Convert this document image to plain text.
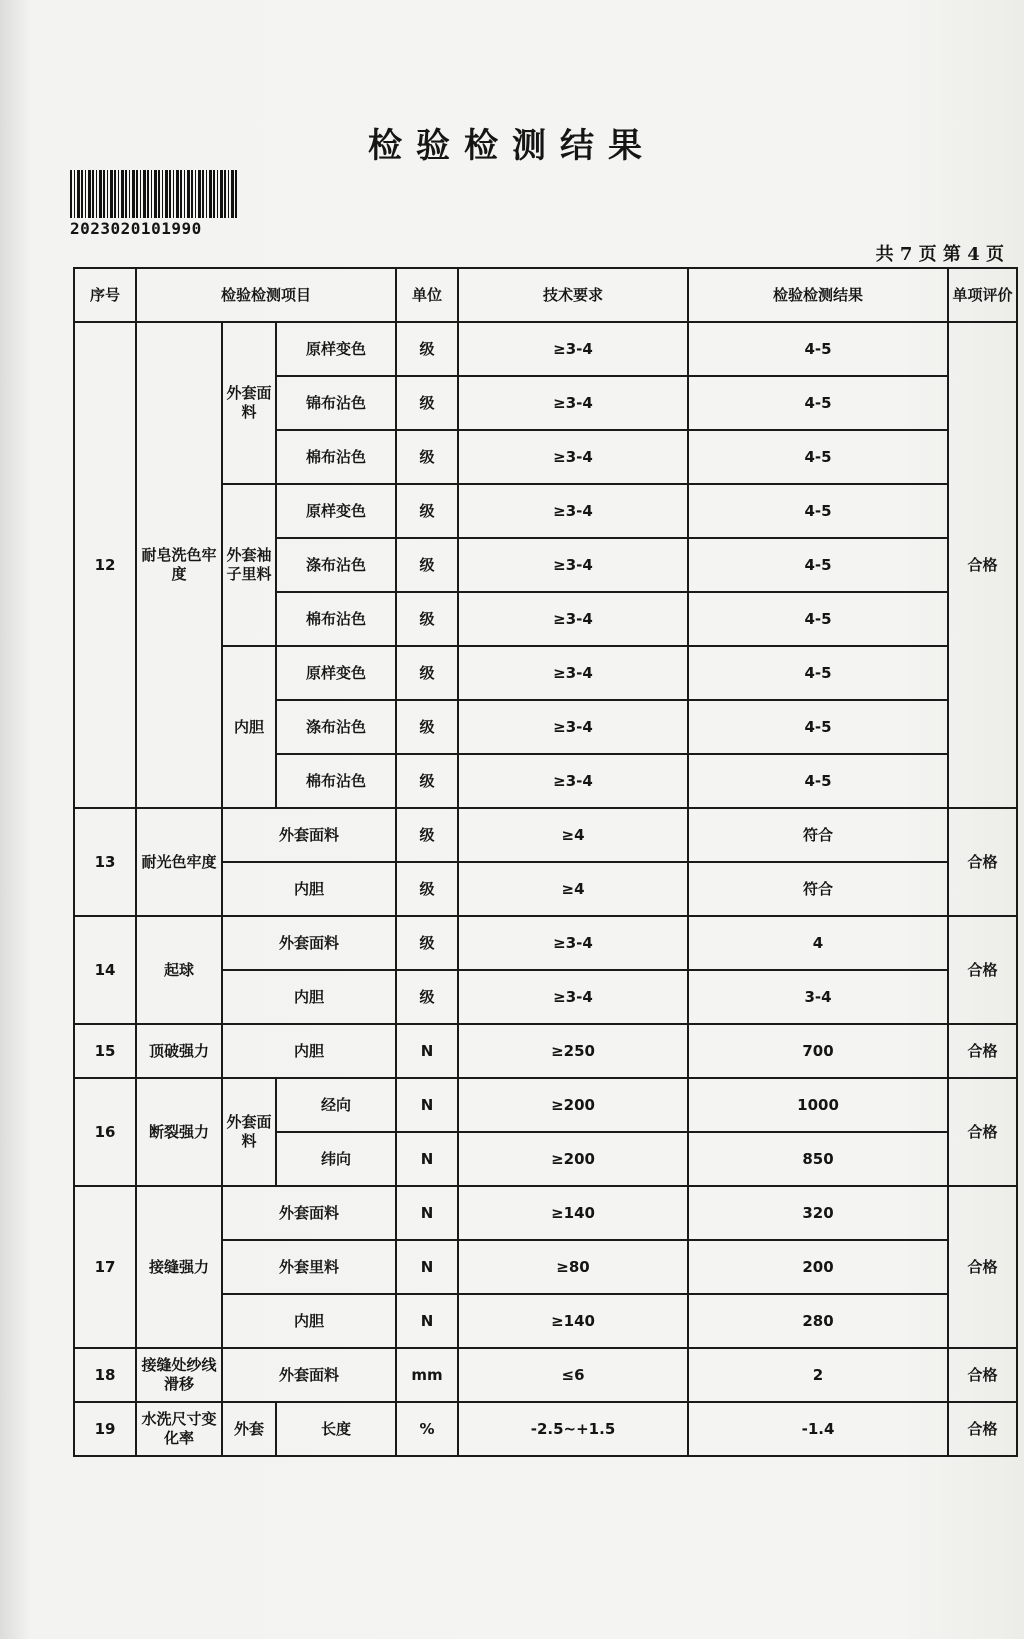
检验检测结果
2023020101990
共 7 页 第 4 页
序号	检验检测项目			单位	技术要求	检验检测结果	单项评价
12	耐皂洗色牢度	外套面料	原样变色	级	≥3-4	4-5	合格
			锦布沾色	级	≥3-4	4-5	
			棉布沾色	级	≥3-4	4-5	
		外套袖子里料	原样变色	级	≥3-4	4-5	
			涤布沾色	级	≥3-4	4-5	
			棉布沾色	级	≥3-4	4-5	
		内胆	原样变色	级	≥3-4	4-5	
			涤布沾色	级	≥3-4	4-5	
			棉布沾色	级	≥3-4	4-5	
13	耐光色牢度	外套面料		级	≥4	符合	合格
		内胆		级	≥4	符合	
14	起球	外套面料		级	≥3-4	4	合格
		内胆		级	≥3-4	3-4	
15	顶破强力	内胆		N	≥250	700	合格
16	断裂强力	外套面料	经向	N	≥200	1000	合格
			纬向	N	≥200	850	
17	接缝强力	外套面料		N	≥140	320	合格
		外套里料		N	≥80	200	
		内胆		N	≥140	280	
18	接缝处纱线滑移	外套面料		mm	≤6	2	合格
19	水洗尺寸变化率	外套	长度	%	-2.5~+1.5	-1.4	合格
